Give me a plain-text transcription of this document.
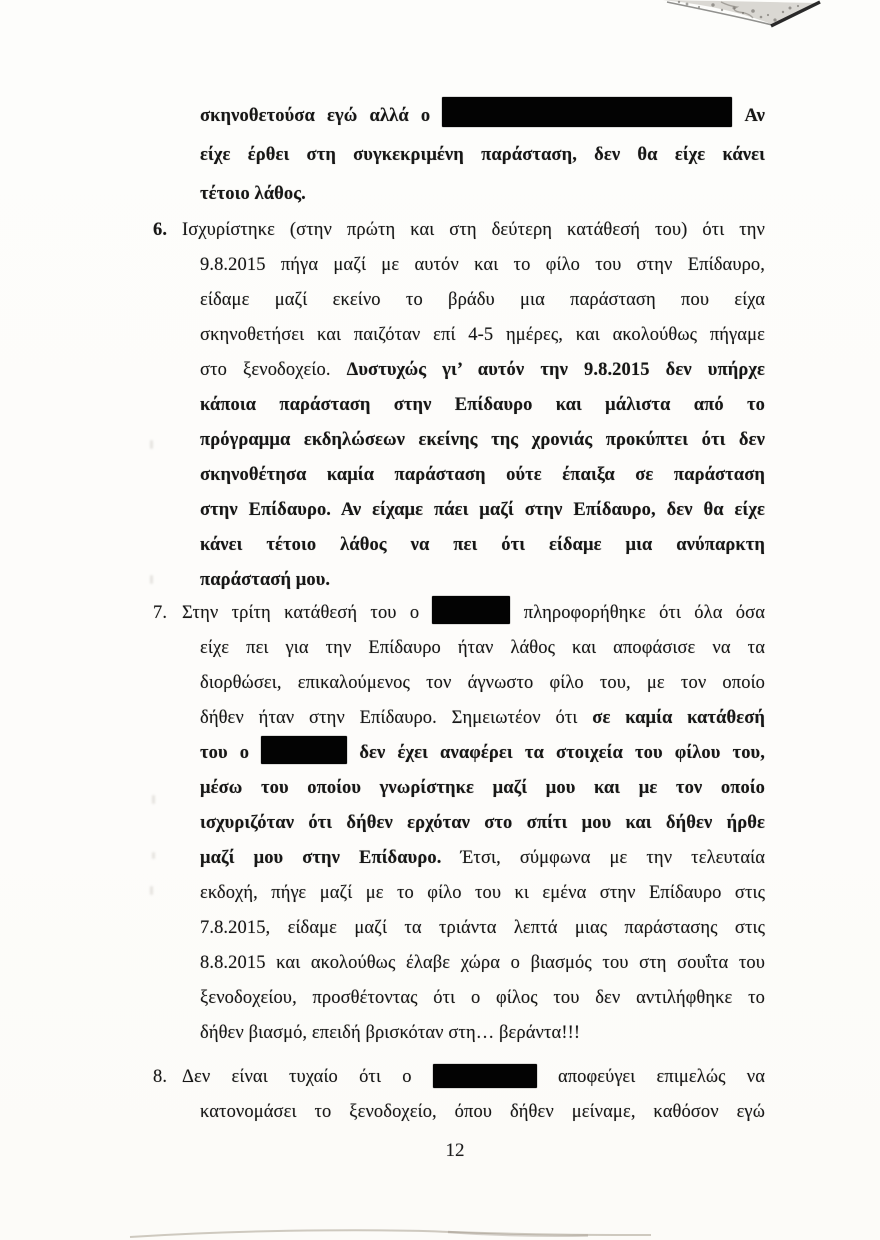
σκηνοθετούσα εγώ αλλά ο	Αν
είχε έρθει στη συγκεκριμένη παράσταση, δεν θα είχε κάνει
τέτοιο λάθος.
6. Ισχυρίστηκε (στην πρώτη και στη δεύτερη κατάθεσή του) ότι την
9.8.2015 πήγα μαζί με αυτόν και το φίλο του στην Επίδαυρο,
είδαμε μαζί εκείνο το βράδυ μια παράσταση που είχα
σκηνοθετήσει και παιζόταν επί 4-5 ημέρες, και ακολούθως πήγαμε
στο ξενοδοχείο. Δυστυχώς γι’ αυτόν την 9.8.2015 δεν υπήρχε
κάποια παράσταση στην Επίδαυρο και μάλιστα από το
πρόγραμμα εκδηλώσεων εκείνης της χρονιάς προκύπτει ότι δεν
σκηνοθέτησα καμία παράσταση ούτε έπαιξα σε παράσταση
στην Επίδαυρο. Αν είχαμε πάει μαζί στην Επίδαυρο, δεν θα είχε
κάνει τέτοιο λάθος να πει ότι είδαμε μια ανύπαρκτη
παράστασή μου.
7. Στην τρίτη κατάθεσή του ο	πληροφορήθηκε ότι όλα όσα
είχε πει για την Επίδαυρο ήταν λάθος και αποφάσισε να τα
διορθώσει, επικαλούμενος τον άγνωστο φίλο του, με τον οποίο
δήθεν ήταν στην Επίδαυρο. Σημειωτέον ότι σε καμία κατάθεσή
του ο	δεν έχει αναφέρει τα στοιχεία του φίλου του,
μέσω του οποίου γνωρίστηκε μαζί μου και με τον οποίο
ισχυριζόταν ότι δήθεν ερχόταν στο σπίτι μου και δήθεν ήρθε
μαζί μου στην Επίδαυρο. Έτσι, σύμφωνα με την τελευταία
εκδοχή, πήγε μαζί με το φίλο του κι εμένα στην Επίδαυρο στις
7.8.2015, είδαμε μαζί τα τριάντα λεπτά μιας παράστασης στις
8.8.2015 και ακολούθως έλαβε χώρα ο βιασμός του στη σουΐτα του
ξενοδοχείου, προσθέτοντας ότι ο φίλος του δεν αντιλήφθηκε το
δήθεν βιασμό, επειδή βρισκόταν στη… βεράντα!!!
8. Δεν είναι τυχαίο ότι ο	αποφεύγει επιμελώς να
κατονομάσει το ξενοδοχείο, όπου δήθεν μείναμε, καθόσον εγώ
12
